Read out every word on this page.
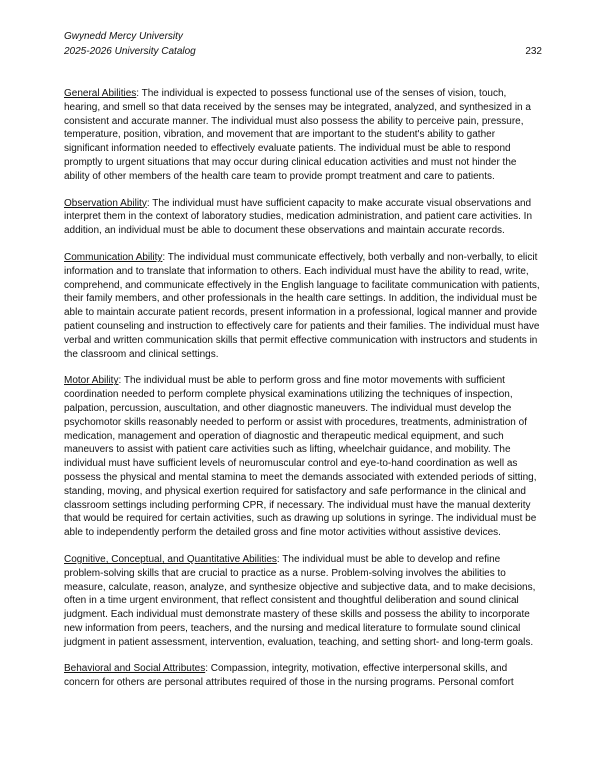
Gwynedd Mercy University
2025-2026 University Catalog	232

General Abilities: The individual is expected to possess functional use of the senses of vision, touch, hearing, and smell so that data received by the senses may be integrated, analyzed, and synthesized in a consistent and accurate manner. The individual must also possess the ability to perceive pain, pressure, temperature, position, vibration, and movement that are important to the student's ability to gather significant information needed to effectively evaluate patients. The individual must be able to respond promptly to urgent situations that may occur during clinical education activities and must not hinder the ability of other members of the health care team to provide prompt treatment and care to patients.

Observation Ability: The individual must have sufficient capacity to make accurate visual observations and interpret them in the context of laboratory studies, medication administration, and patient care activities. In addition, an individual must be able to document these observations and maintain accurate records.

Communication Ability: The individual must communicate effectively, both verbally and non-verbally, to elicit information and to translate that information to others. Each individual must have the ability to read, write, comprehend, and communicate effectively in the English language to facilitate communication with patients, their family members, and other professionals in the health care settings. In addition, the individual must be able to maintain accurate patient records, present information in a professional, logical manner and provide patient counseling and instruction to effectively care for patients and their families. The individual must have verbal and written communication skills that permit effective communication with instructors and students in the classroom and clinical settings.

Motor Ability: The individual must be able to perform gross and fine motor movements with sufficient coordination needed to perform complete physical examinations utilizing the techniques of inspection, palpation, percussion, auscultation, and other diagnostic maneuvers. The individual must develop the psychomotor skills reasonably needed to perform or assist with procedures, treatments, administration of medication, management and operation of diagnostic and therapeutic medical equipment, and such maneuvers to assist with patient care activities such as lifting, wheelchair guidance, and mobility. The individual must have sufficient levels of neuromuscular control and eye-to-hand coordination as well as possess the physical and mental stamina to meet the demands associated with extended periods of sitting, standing, moving, and physical exertion required for satisfactory and safe performance in the clinical and classroom settings including performing CPR, if necessary. The individual must have the manual dexterity that would be required for certain activities, such as drawing up solutions in syringe. The individual must be able to independently perform the detailed gross and fine motor activities without assistive devices.

Cognitive, Conceptual, and Quantitative Abilities: The individual must be able to develop and refine problem-solving skills that are crucial to practice as a nurse. Problem-solving involves the abilities to measure, calculate, reason, analyze, and synthesize objective and subjective data, and to make decisions, often in a time urgent environment, that reflect consistent and thoughtful deliberation and sound clinical judgment. Each individual must demonstrate mastery of these skills and possess the ability to incorporate new information from peers, teachers, and the nursing and medical literature to formulate sound clinical judgment in patient assessment, intervention, evaluation, teaching, and setting short- and long-term goals.

Behavioral and Social Attributes: Compassion, integrity, motivation, effective interpersonal skills, and concern for others are personal attributes required of those in the nursing programs. Personal comfort
